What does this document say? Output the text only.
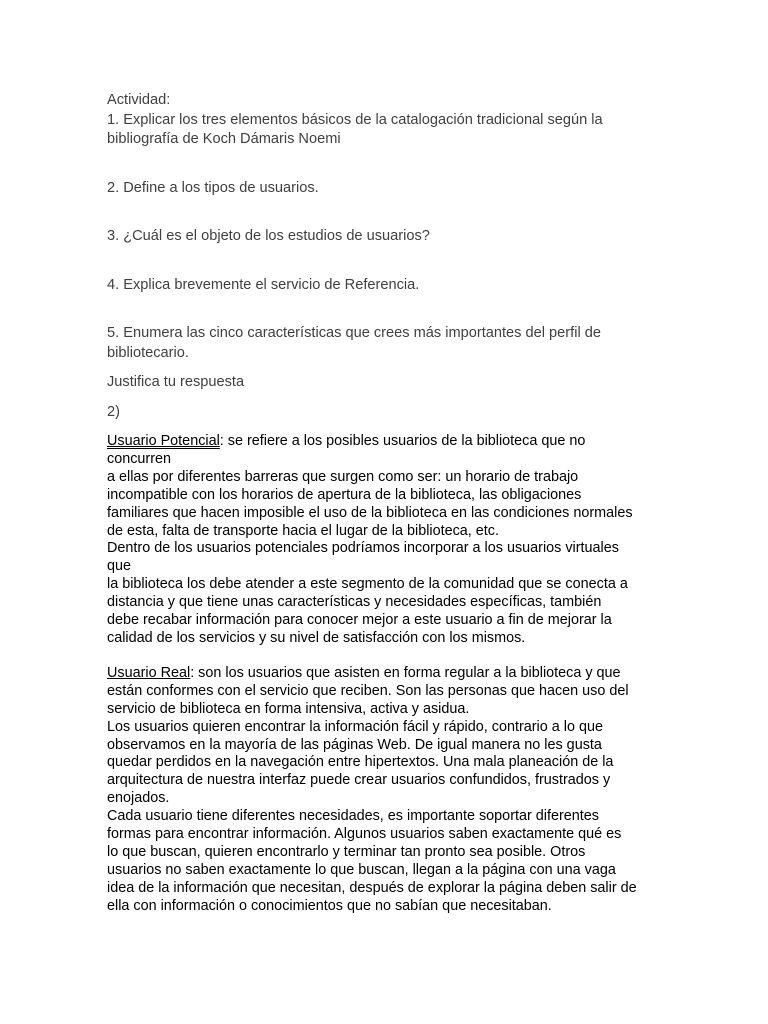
Actividad:
1. Explicar los tres elementos básicos de la catalogación tradicional según la
bibliografía de Koch Dámaris Noemi
2. Define a los tipos de usuarios.
3. ¿Cuál es el objeto de los estudios de usuarios?
4. Explica brevemente el servicio de Referencia.
5. Enumera las cinco características que crees más importantes del perfil de
bibliotecario.
Justifica tu respuesta
2)
Usuario Potencial: se refiere a los posibles usuarios de la biblioteca que no
concurren
a ellas por diferentes barreras que surgen como ser: un horario de trabajo
incompatible con los horarios de apertura de la biblioteca, las obligaciones
familiares que hacen imposible el uso de la biblioteca en las condiciones normales
de esta, falta de transporte hacia el lugar de la biblioteca, etc.
Dentro de los usuarios potenciales podríamos incorporar a los usuarios virtuales
que
la biblioteca los debe atender a este segmento de la comunidad que se conecta a
distancia y que tiene unas características y necesidades específicas, también
debe recabar información para conocer mejor a este usuario a fin de mejorar la
calidad de los servicios y su nivel de satisfacción con los mismos.
Usuario Real: son los usuarios que asisten en forma regular a la biblioteca y que
están conformes con el servicio que reciben. Son las personas que hacen uso del
servicio de biblioteca en forma intensiva, activa y asidua.
Los usuarios quieren encontrar la información fácil y rápido, contrario a lo que
observamos en la mayoría de las páginas Web. De igual manera no les gusta
quedar perdidos en la navegación entre hipertextos. Una mala planeación de la
arquitectura de nuestra interfaz puede crear usuarios confundidos, frustrados y
enojados.
Cada usuario tiene diferentes necesidades, es importante soportar diferentes
formas para encontrar información. Algunos usuarios saben exactamente qué es
lo que buscan, quieren encontrarlo y terminar tan pronto sea posible. Otros
usuarios no saben exactamente lo que buscan, llegan a la página con una vaga
idea de la información que necesitan, después de explorar la página deben salir de
ella con información o conocimientos que no sabían que necesitaban.
